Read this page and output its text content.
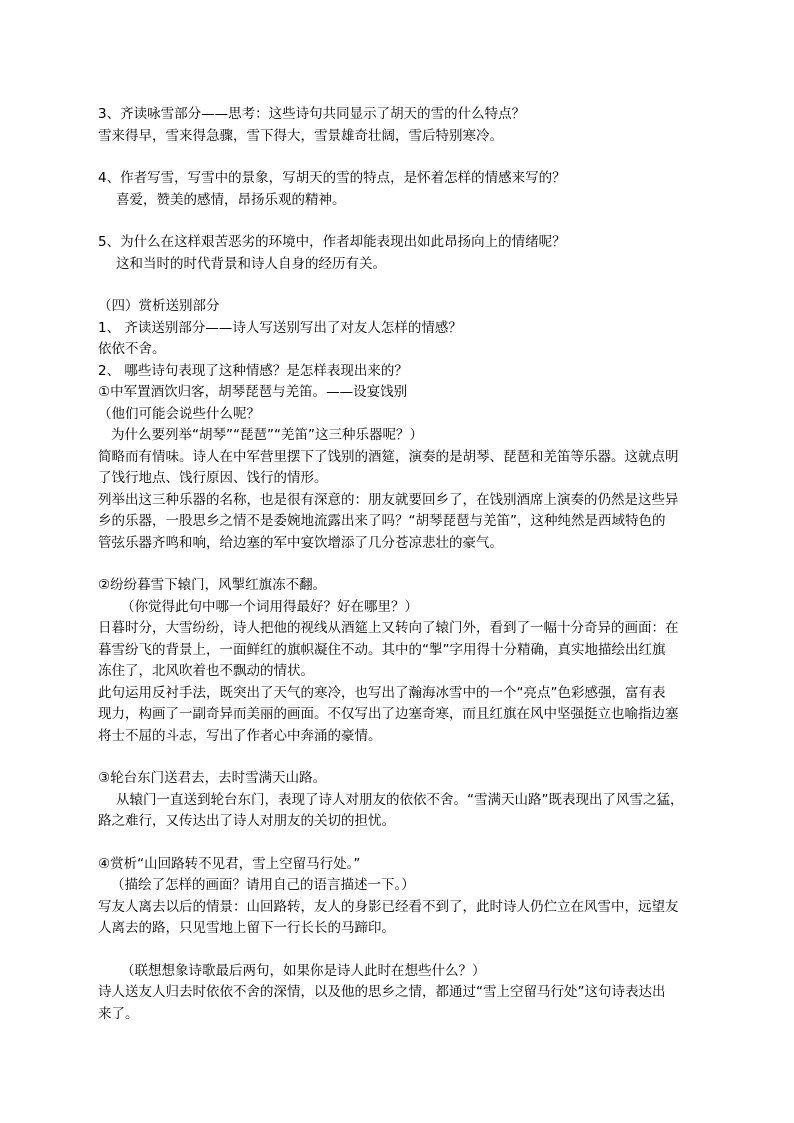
3、齐读咏雪部分——思考：这些诗句共同显示了胡天的雪的什么特点？

雪来得早，雪来得急骤，雪下得大，雪景雄奇壮阔，雪后特别寒冷。

4、作者写雪，写雪中的景象，写胡天的雪的特点，是怀着怎样的情感来写的？

喜爱，赞美的感情，昂扬乐观的精神。

5、为什么在这样艰苦恶劣的环境中，作者却能表现出如此昂扬向上的情绪呢？

这和当时的时代背景和诗人自身的经历有关。

（四）赏析送别部分

1、 齐读送别部分——诗人写送别写出了对友人怎样的情感？

依依不舍。

2、 哪些诗句表现了这种情感？是怎样表现出来的？

①中军置酒饮归客，胡琴琵琶与羌笛。——设宴饯别

（他们可能会说些什么呢？

为什么要列举“胡琴”“琵琶”“羌笛”这三种乐器呢？）

简略而有情味。诗人在中军营里摆下了饯别的酒筵，演奏的是胡琴、琵琶和羌笛等乐器。这就点明

了饯行地点、饯行原因、饯行的情形。

列举出这三种乐器的名称，也是很有深意的：朋友就要回乡了，在饯别酒席上演奏的仍然是这些异

乡的乐器，一股思乡之情不是委婉地流露出来了吗？“胡琴琵琶与羌笛”，这种纯然是西域特色的

管弦乐器齐鸣和响，给边塞的军中宴饮增添了几分苍凉悲壮的豪气。

②纷纷暮雪下辕门，风掣红旗冻不翻。

（你觉得此句中哪一个词用得最好？好在哪里？）

日暮时分，大雪纷纷，诗人把他的视线从酒筵上又转向了辕门外，看到了一幅十分奇异的画面：在

暮雪纷飞的背景上，一面鲜红的旗帜凝住不动。其中的“掣”字用得十分精确，真实地描绘出红旗

冻住了，北风吹着也不飘动的情状。

此句运用反衬手法，既突出了天气的寒冷，也写出了瀚海冰雪中的一个“亮点”色彩感强，富有表

现力，构画了一副奇异而美丽的画面。不仅写出了边塞奇寒，而且红旗在风中坚强挺立也喻指边塞

将士不屈的斗志，写出了作者心中奔涌的豪情。

③轮台东门送君去，去时雪满天山路。

从辕门一直送到轮台东门，表现了诗人对朋友的依依不舍。“雪满天山路”既表现出了风雪之猛，

路之难行，又传达出了诗人对朋友的关切的担忧。

④赏析“山回路转不见君，雪上空留马行处。”

（描绘了怎样的画面？请用自己的语言描述一下。）

写友人离去以后的情景：山回路转，友人的身影已经看不到了，此时诗人仍伫立在风雪中，远望友

人离去的路，只见雪地上留下一行长长的马蹄印。

（联想想象诗歌最后两句，如果你是诗人此时在想些什么？）

诗人送友人归去时依依不舍的深情，以及他的思乡之情，都通过“雪上空留马行处”这句诗表达出

来了。
